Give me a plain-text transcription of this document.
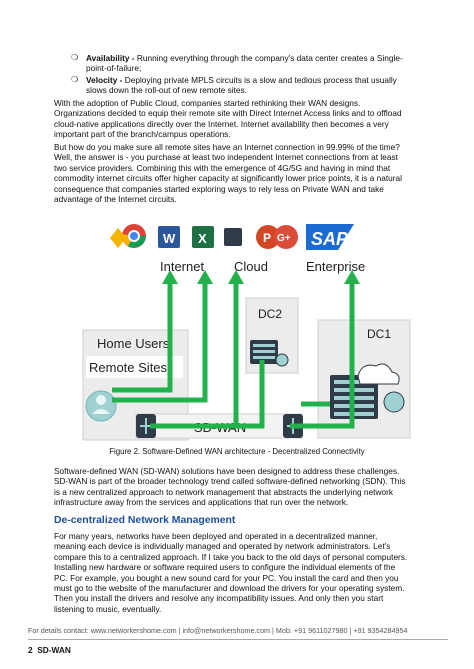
❍ Availability - Running everything through the company's data center creates a Single-
point-of-failure;
❍ Velocity - Deploying private MPLS circuits is a slow and tedious process that usually
slows down the roll-out of new remote sites.
With the adoption of Public Cloud, companies started rethinking their WAN designs.
Organizations decided to equip their remote site with Direct Internet Access links and to offload
cloud-native applications directly over the Internet. Internet availability then becomes a very
important part of the branch/campus operations.
But how do you make sure all remote sites have an Internet connection in 99.99% of the time?
Well, the answer is - you purchase at least two independent Internet connections from at least
two service providers. Combining this with the emergence of 4G/5G and having in mind that
commodity internet circuits offer higher capacity at significantly lower price points, it is a natural
consequence that companies started exploring ways to rely less on Private WAN and take
advantage of the Internet circuits.
Home Users
Remote Sites
DC2
DC1
SD-WAN
Internet Cloud	Enterprise
W X	P G+ SAP
Figure 2. Software-Defined WAN architecture - Decentralized Connectivity
Software-defined WAN (SD-WAN) solutions have been designed to address these challenges.
SD-WAN is part of the broader technology trend called software-defined networking (SDN). This
is a new centralized approach to network management that abstracts the underlying network
infrastructure away from the services and applications that run over the network.
De-centralized Network Management
For many years, networks have been deployed and operated in a decentralized manner,
meaning each device is individually managed and operated by network administrators. Let's
compare this to a centralized approach. If I take you back to the old days of personal computers.
Installing new hardware or software required users to configure the individual elements of the
PC. For example, you bought a new sound card for your PC. You install the card and then you
must go to the website of the manufacturer and download the drivers for your operating system.
Then you install the drivers and resolve any incompatibility issues. And only then you start
listening to music, eventually.
For details contact: www.networkershome.com | info@networkershome.com | Mob: +91 9611027980 | +91 9354284954
2 SD-WAN
